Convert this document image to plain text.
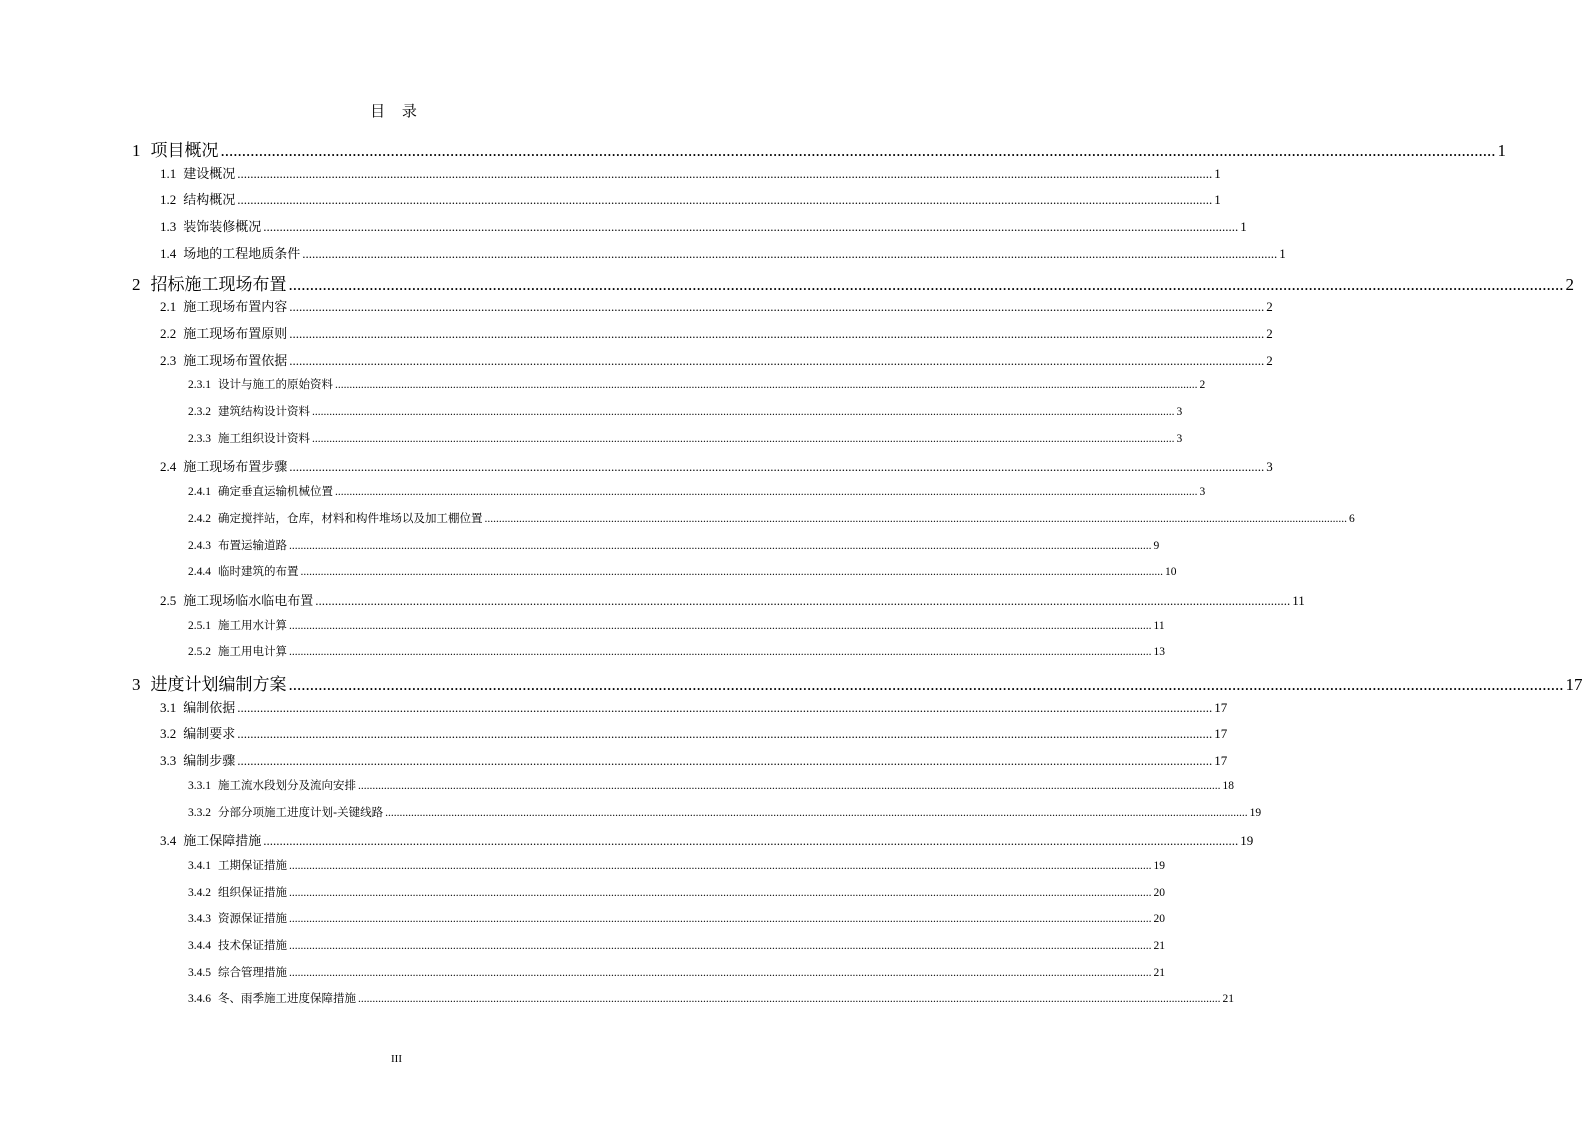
目 录
1 项目概况 ............................................................................................................................................................................................................................................................................................................ 1
1.1 建设概况 ............................................................................................................................................................................................................................................................................................................ 1
1.2 结构概况 ............................................................................................................................................................................................................................................................................................................ 1
1.3 装饰装修概况 ............................................................................................................................................................................................................................................................................................................ 1
1.4 场地的工程地质条件 ............................................................................................................................................................................................................................................................................................................ 1
2 招标施工现场布置 ............................................................................................................................................................................................................................................................................................................ 2
2.1 施工现场布置内容 ............................................................................................................................................................................................................................................................................................................ 2
2.2 施工现场布置原则 ............................................................................................................................................................................................................................................................................................................ 2
2.3 施工现场布置依据 ............................................................................................................................................................................................................................................................................................................ 2
2.3.1 设计与施工的原始资料 ............................................................................................................................................................................................................................................................................................................ 2
2.3.2 建筑结构设计资料 ............................................................................................................................................................................................................................................................................................................ 3
2.3.3 施工组织设计资料 ............................................................................................................................................................................................................................................................................................................ 3
2.4 施工现场布置步骤 ............................................................................................................................................................................................................................................................................................................ 3
2.4.1 确定垂直运输机械位置 ............................................................................................................................................................................................................................................................................................................ 3
2.4.2 确定搅拌站，仓库，材料和构件堆场以及加工棚位置 ............................................................................................................................................................................................................................................................................................................ 6
2.4.3 布置运输道路 ............................................................................................................................................................................................................................................................................................................ 9
2.4.4 临时建筑的布置 ............................................................................................................................................................................................................................................................................................................ 10
2.5 施工现场临水临电布置 ............................................................................................................................................................................................................................................................................................................ 11
2.5.1 施工用水计算 ............................................................................................................................................................................................................................................................................................................ 11
2.5.2 施工用电计算 ............................................................................................................................................................................................................................................................................................................ 13
3 进度计划编制方案 ............................................................................................................................................................................................................................................................................................................ 17
3.1 编制依据 ............................................................................................................................................................................................................................................................................................................ 17
3.2 编制要求 ............................................................................................................................................................................................................................................................................................................ 17
3.3 编制步骤 ............................................................................................................................................................................................................................................................................................................ 17
3.3.1 施工流水段划分及流向安排 ............................................................................................................................................................................................................................................................................................................ 18
3.3.2 分部分项施工进度计划-关键线路 ............................................................................................................................................................................................................................................................................................................ 19
3.4 施工保障措施 ............................................................................................................................................................................................................................................................................................................ 19
3.4.1 工期保证措施 ............................................................................................................................................................................................................................................................................................................ 19
3.4.2 组织保证措施 ............................................................................................................................................................................................................................................................................................................ 20
3.4.3 资源保证措施 ............................................................................................................................................................................................................................................................................................................ 20
3.4.4 技术保证措施 ............................................................................................................................................................................................................................................................................................................ 21
3.4.5 综合管理措施 ............................................................................................................................................................................................................................................................................................................ 21
3.4.6 冬、雨季施工进度保障措施 ............................................................................................................................................................................................................................................................................................................ 21
III
